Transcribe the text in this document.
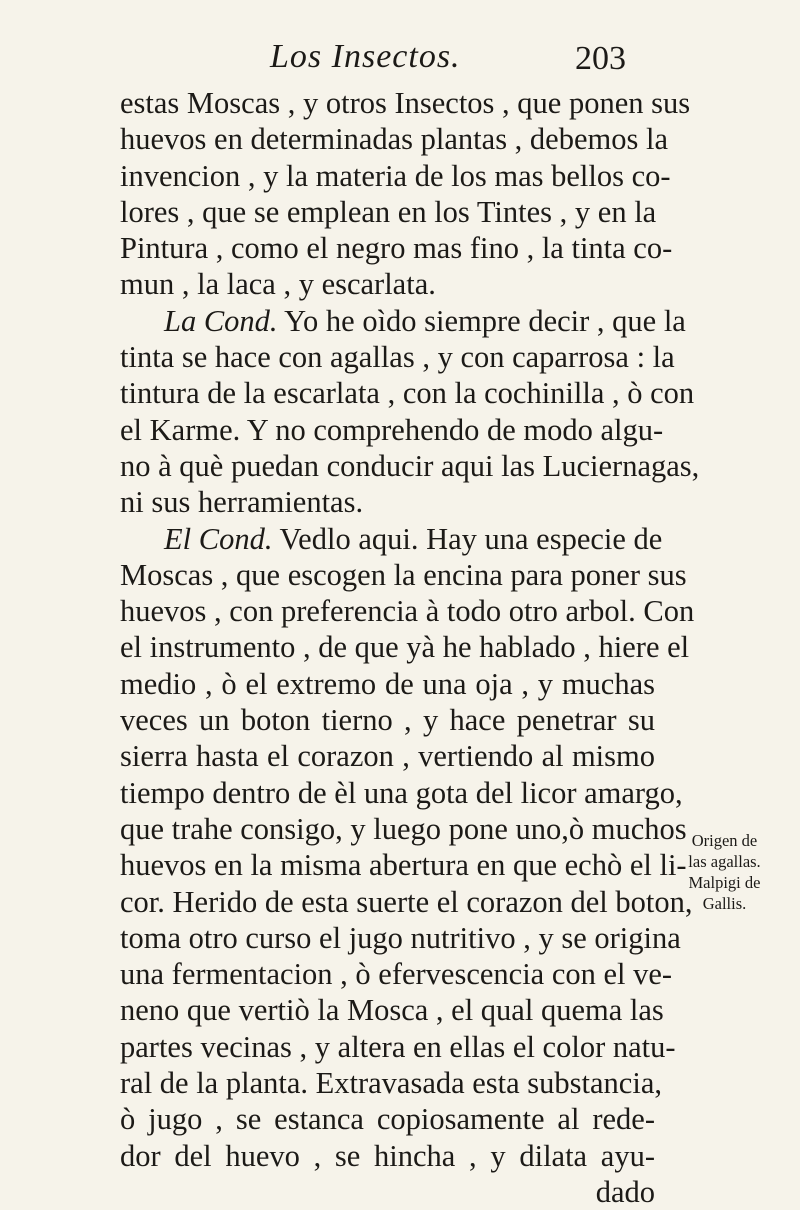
Los Insectos.	203
estas Moscas , y otros Insectos , que ponen sus
huevos en determinadas plantas , debemos la
invencion , y la materia de los mas bellos co-
lores , que se emplean en los Tintes , y en la
Pintura , como el negro mas fino , la tinta co-
mun , la laca , y escarlata.
La Cond. Yo he oìdo siempre decir , que la
tinta se hace con agallas , y con caparrosa : la
tintura de la escarlata , con la cochinilla , ò con
el Karme. Y no comprehendo de modo algu-
no à què puedan conducir aqui las Luciernagas,
ni sus herramientas.
El Cond. Vedlo aqui. Hay una especie de
Moscas , que escogen la encina para poner sus
huevos , con preferencia à todo otro arbol. Con
el instrumento , de que yà he hablado , hiere el
medio , ò el extremo de una oja , y muchas
veces un boton tierno , y hace penetrar su
sierra hasta el corazon , vertiendo al mismo
tiempo dentro de èl una gota del licor amargo,
que trahe consigo, y luego pone uno,ò muchos
huevos en la misma abertura en que echò el li-
cor. Herido de esta suerte el corazon del boton,
toma otro curso el jugo nutritivo , y se origina
una fermentacion , ò efervescencia con el ve-
neno que vertiò la Mosca , el qual quema las
partes vecinas , y altera en ellas el color natu-
ral de la planta. Extravasada esta substancia,
ò jugo , se estanca copiosamente al rede-
dor del huevo , se hincha , y dilata ayu-
dado
Origen de
las agallas.
Malpigi de
Gallis.
